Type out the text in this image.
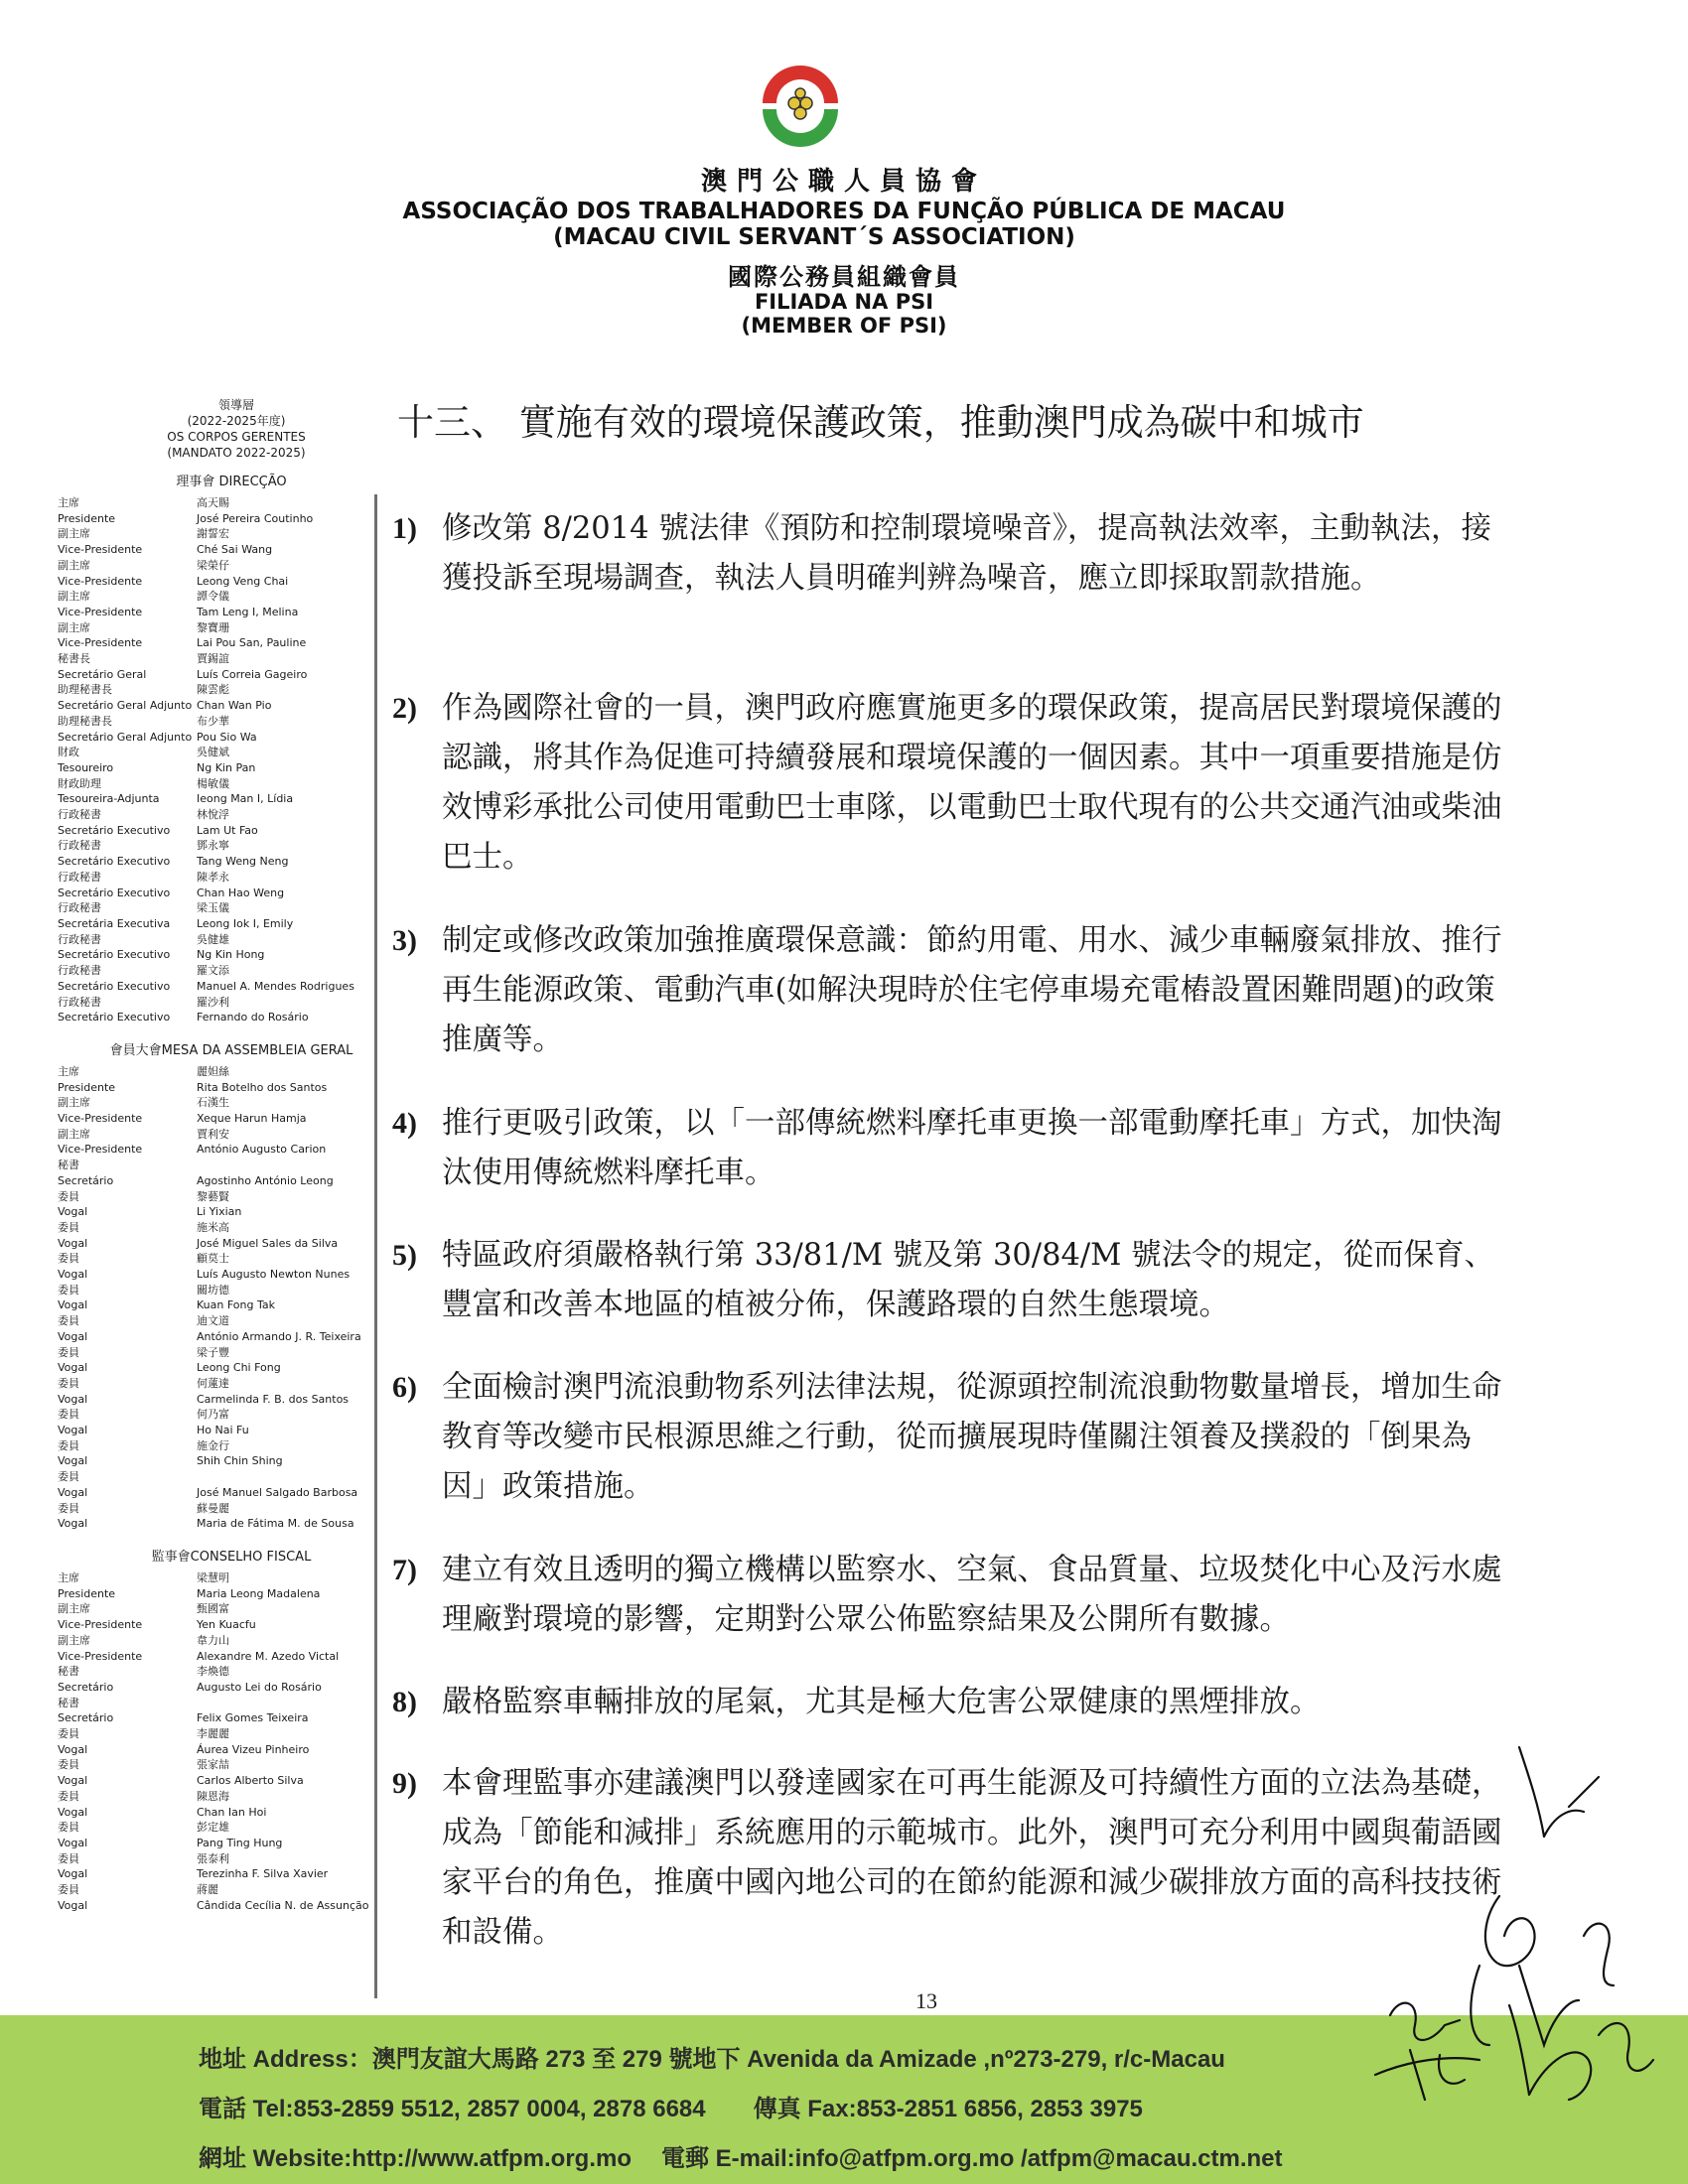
澳門公職人員協會
ASSOCIAÇÃO DOS TRABALHADORES DA FUNÇÃO PÚBLICA DE MACAU
(MACAU CIVIL SERVANT´S ASSOCIATION)
國際公務員組織會員
FILIADA NA PSI
(MEMBER OF PSI)
領導層
(2022-2025年度)
OS CORPOS GERENTES
(MANDATO 2022-2025)
理事會 DIRECÇÃO
主席	高天賜
Presidente	José Pereira Coutinho
副主席	謝誓宏
Vice-Presidente	Ché Sai Wang
副主席	梁榮仔
Vice-Presidente	Leong Veng Chai
副主席	譚令儀
Vice-Presidente	Tam Leng I, Melina
副主席	黎寶珊
Vice-Presidente	Lai Pou San, Pauline
秘書長	賈錫誼
Secretário Geral	Luís Correia Gageiro
助理秘書長	陳雲彪
Secretário Geral Adjunto	Chan Wan Pio
助理秘書長	布少華
Secretário Geral Adjunto	Pou Sio Wa
財政	吳健斌
Tesoureiro	Ng Kin Pan
財政助理	楊敏儀
Tesoureira-Adjunta	Ieong Man I, Lídia
行政秘書	林悅浮
Secretário Executivo	Lam Ut Fao
行政秘書	鄧永寧
Secretário Executivo	Tang Weng Neng
行政秘書	陳孝永
Secretário Executivo	Chan Hao Weng
行政秘書	梁玉儀
Secretária Executiva	Leong Iok I, Emily
行政秘書	吳健雄
Secretário Executivo	Ng Kin Hong
行政秘書	羅文添
Secretário Executivo	Manuel A. Mendes Rodrigues
行政秘書	羅沙利
Secretário Executivo	Fernando do Rosário
會員大會MESA DA ASSEMBLEIA GERAL
主席	麗妲絲
Presidente	Rita Botelho dos Santos
副主席	石漢生
Vice-Presidente	Xeque Harun Hamja
副主席	賈利安
Vice-Presidente	António Augusto Carion
秘書	
Secretário	Agostinho António Leong
委員	黎藝賢
Vogal	Li Yixian
委員	施米高
Vogal	José Miguel Sales da Silva
委員	顧莫士
Vogal	Luís Augusto Newton Nunes
委員	關坊德
Vogal	Kuan Fong Tak
委員	迪文道
Vogal	António Armando J. R. Teixeira
委員	梁子豐
Vogal	Leong Chi Fong
委員	何蓮達
Vogal	Carmelinda F. B. dos Santos
委員	何乃富
Vogal	Ho Nai Fu
委員	施金行
Vogal	Shih Chin Shing
委員	
Vogal	José Manuel Salgado Barbosa
委員	蘇曼麗
Vogal	Maria de Fátima M. de Sousa
監事會CONSELHO FISCAL
主席	梁慧明
Presidente	Maria Leong Madalena
副主席	甄國富
Vice-Presidente	Yen Kuacfu
副主席	韋力山
Vice-Presidente	Alexandre M. Azedo Victal
秘書	李煥德
Secretário	Augusto Lei do Rosário
秘書	
Secretário	Felix Gomes Teixeira
委員	李麗麗
Vogal	Áurea Vizeu Pinheiro
委員	張家喆
Vogal	Carlos Alberto Silva
委員	陳恩海
Vogal	Chan Ian Hoi
委員	彭定雄
Vogal	Pang Ting Hung
委員	張泰利
Vogal	Terezinha F. Silva Xavier
委員	蔣麗
Vogal	Cândida Cecília N. de Assunção
十三、 實施有效的環境保護政策，推動澳門成為碳中和城市
1) 修改第 8/2014 號法律《預防和控制環境噪音》，提高執法效率，主動執法，接獲投訴至現場調查，執法人員明確判辨為噪音，應立即採取罰款措施。
2) 作為國際社會的一員，澳門政府應實施更多的環保政策，提高居民對環境保護的認識，將其作為促進可持續發展和環境保護的一個因素。其中一項重要措施是仿效博彩承批公司使用電動巴士車隊，以電動巴士取代現有的公共交通汽油或柴油巴士。
3) 制定或修改政策加強推廣環保意識：節約用電、用水、減少車輛廢氣排放、推行再生能源政策、電動汽車(如解決現時於住宅停車場充電樁設置困難問題)的政策推廣等。
4) 推行更吸引政策，以「一部傳統燃料摩托車更換一部電動摩托車」方式，加快淘汰使用傳統燃料摩托車。
5) 特區政府須嚴格執行第 33/81/M 號及第 30/84/M 號法令的規定，從而保育、豐富和改善本地區的植被分佈，保護路環的自然生態環境。
6) 全面檢討澳門流浪動物系列法律法規，從源頭控制流浪動物數量增長，增加生命教育等改變市民根源思維之行動，從而擴展現時僅關注領養及撲殺的「倒果為因」政策措施。
7) 建立有效且透明的獨立機構以監察水、空氣、食品質量、垃圾焚化中心及污水處理廠對環境的影響，定期對公眾公佈監察結果及公開所有數據。
8) 嚴格監察車輛排放的尾氣，尤其是極大危害公眾健康的黑煙排放。
9) 本會理監事亦建議澳門以發達國家在可再生能源及可持續性方面的立法為基礎，成為「節能和減排」系統應用的示範城市。此外，澳門可充分利用中國與葡語國家平台的角色，推廣中國內地公司的在節約能源和減少碳排放方面的高科技技術和設備。
13
地址 Address：澳門友誼大馬路 273 至 279 號地下 Avenida da Amizade ,nº273-279, r/c-Macau
電話 Tel:853-2859 5512, 2857 0004, 2878 6684 傳真 Fax:853-2851 6856, 2853 3975
網址 Website:http://www.atfpm.org.mo 電郵 E-mail:info@atfpm.org.mo /atfpm@macau.ctm.net
